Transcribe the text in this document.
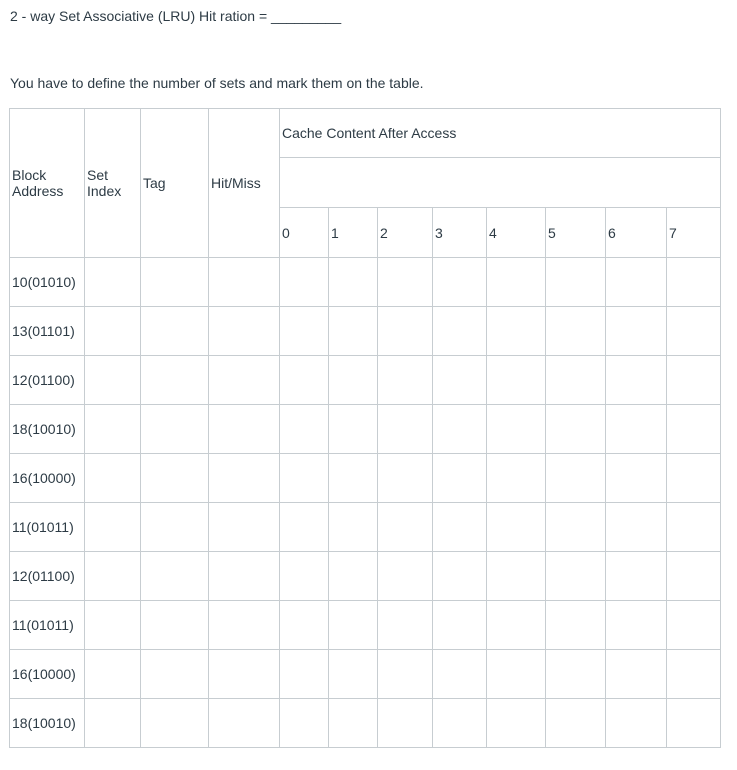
2 - way Set Associative (LRU) Hit ration = _________
You have to define the number of sets and mark them on the table.
Block Address	Set Index	Tag	Hit/Miss	Cache Content After Access							

				0	1	2	3	4	5	6	7
10(01010)											
13(01101)											
12(01100)											
18(10010)											
16(10000)											
11(01011)											
12(01100)											
11(01011)											
16(10000)											
18(10010)											
